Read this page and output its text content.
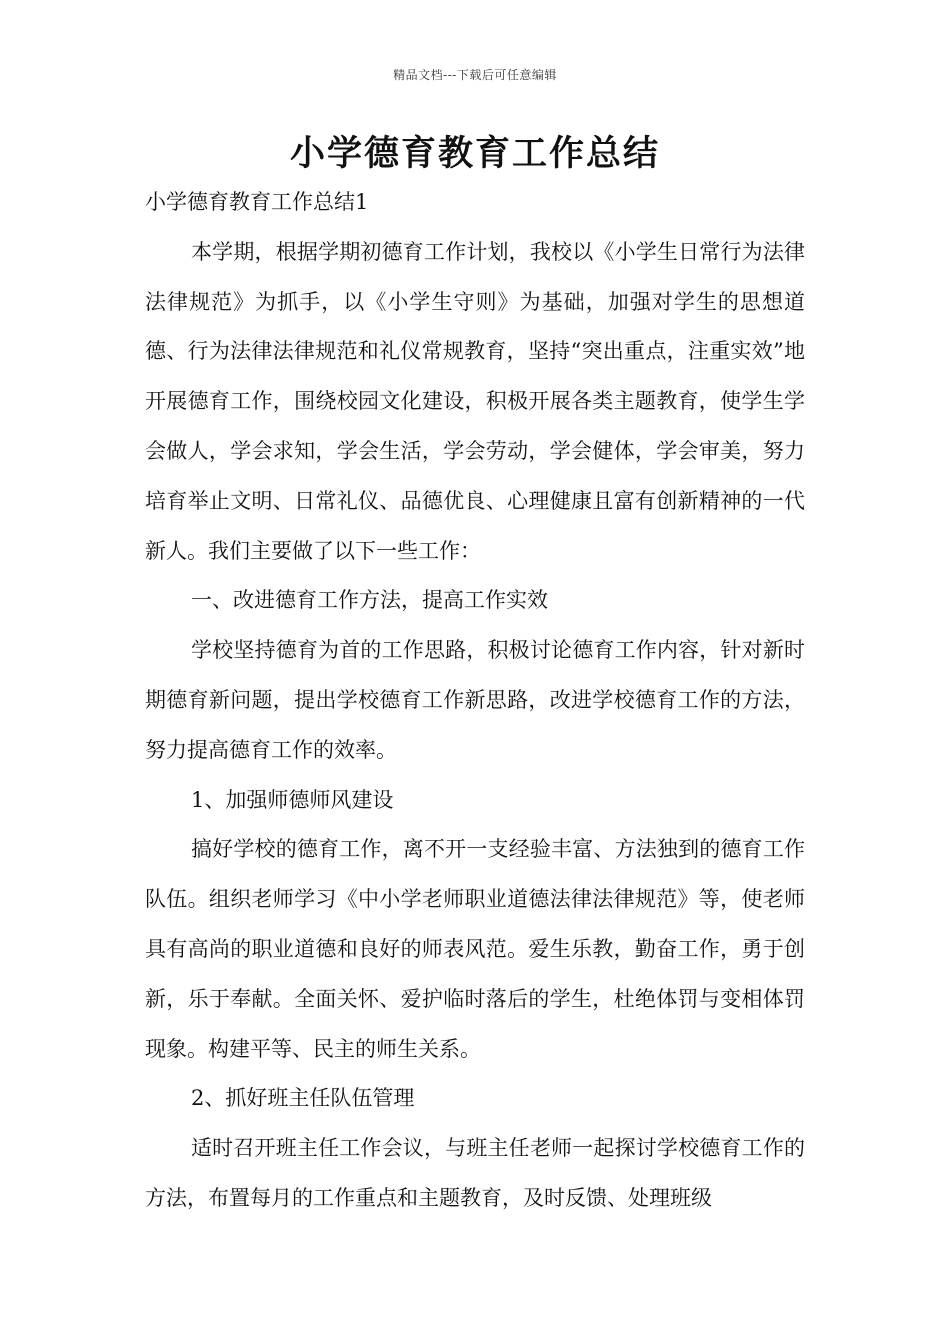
精品文档---下载后可任意编辑
小学德育教育工作总结

小学德育教育工作总结1

本学期，根据学期初德育工作计划，我校以《小学生日常行为法律法律规范》为抓手，以《小学生守则》为基础，加强对学生的思想道德、行为法律法律规范和礼仪常规教育，坚持“突出重点，注重实效”地开展德育工作，围绕校园文化建设，积极开展各类主题教育，使学生学会做人，学会求知，学会生活，学会劳动，学会健体，学会审美，努力培育举止文明、日常礼仪、品德优良、心理健康且富有创新精神的一代新人。我们主要做了以下一些工作：

一、改进德育工作方法，提高工作实效

学校坚持德育为首的工作思路，积极讨论德育工作内容，针对新时期德育新问题，提出学校德育工作新思路，改进学校德育工作的方法，努力提高德育工作的效率。

1、加强师德师风建设

搞好学校的德育工作，离不开一支经验丰富、方法独到的德育工作队伍。组织老师学习《中小学老师职业道德法律法律规范》等，使老师具有高尚的职业道德和良好的师表风范。爱生乐教，勤奋工作，勇于创新，乐于奉献。全面关怀、爱护临时落后的学生，杜绝体罚与变相体罚现象。构建平等、民主的师生关系。

2、抓好班主任队伍管理

适时召开班主任工作会议，与班主任老师一起探讨学校德育工作的方法，布置每月的工作重点和主题教育，及时反馈、处理班级
